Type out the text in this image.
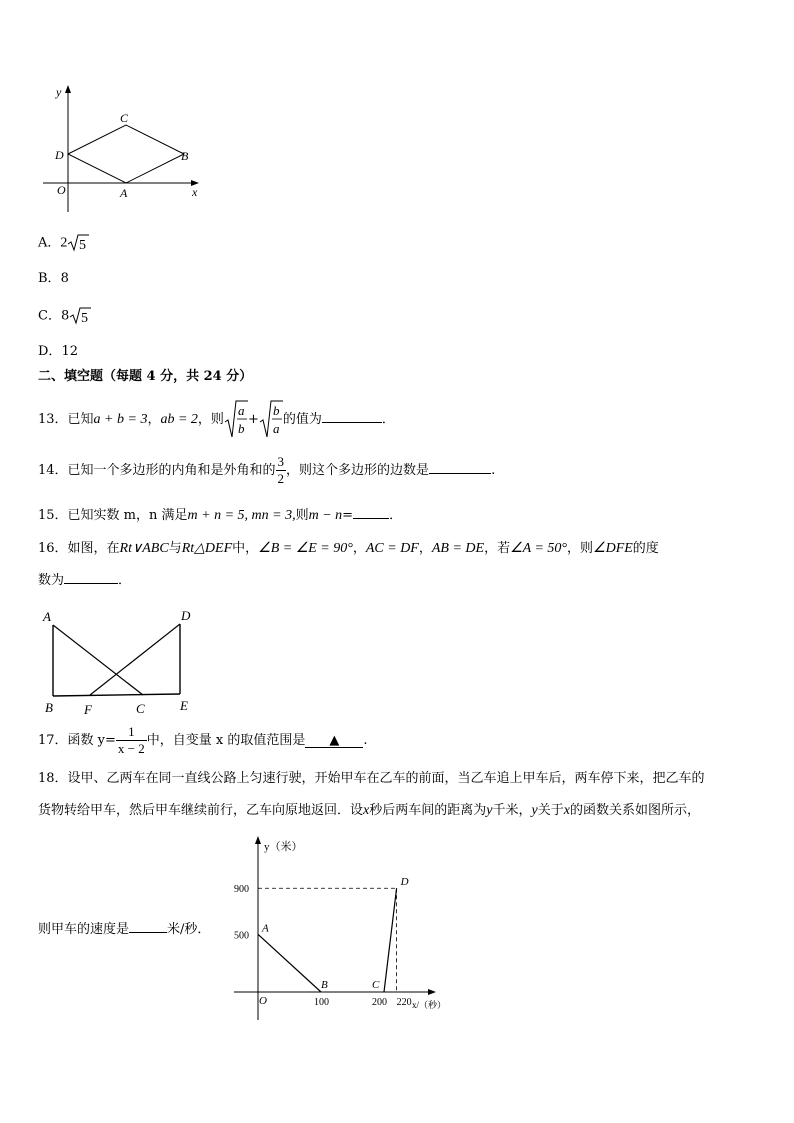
y
x
O	A
B
C
D
A．2 5
B．8
C．8 5
D．12
二、填空题（每题 4 分，共 24 分）
13．已知a + b = 3，ab = 2，则
a
b
+
b
a
的值为	．
14．已知一个多边形的内角和是外角和的 $\frac{3}{2}$ ，则这个多边形的边数是	.
15．已知实数 m，n 满足m + n = 5, mn = 3,则m − n=	．
16．如图，在Rt∨ABC与Rt△DEF中，∠B = ∠E = 90°，AC = DF，AB = DE，若∠A = 50°，则∠DFE的度
数为	．
A	D
B F	C	E
17．函数 $y= \frac{1}{x - 2}$ 中，自变量 x 的取值范围是 ▲ .
18．设甲、乙两车在同一直线公路上匀速行驶，开始甲车在乙车的前面，当乙车追上甲车后，两车停下来，把乙车的
货物转给甲车，然后甲车继续前行，乙车向原地返回．设x秒后两车间的距离为y千米，y关于x的函数关系如图所示，
则甲车的速度是	米/秒．
y（米）
x/（秒）
O
A
B	C
D
900
500
100	200 220
